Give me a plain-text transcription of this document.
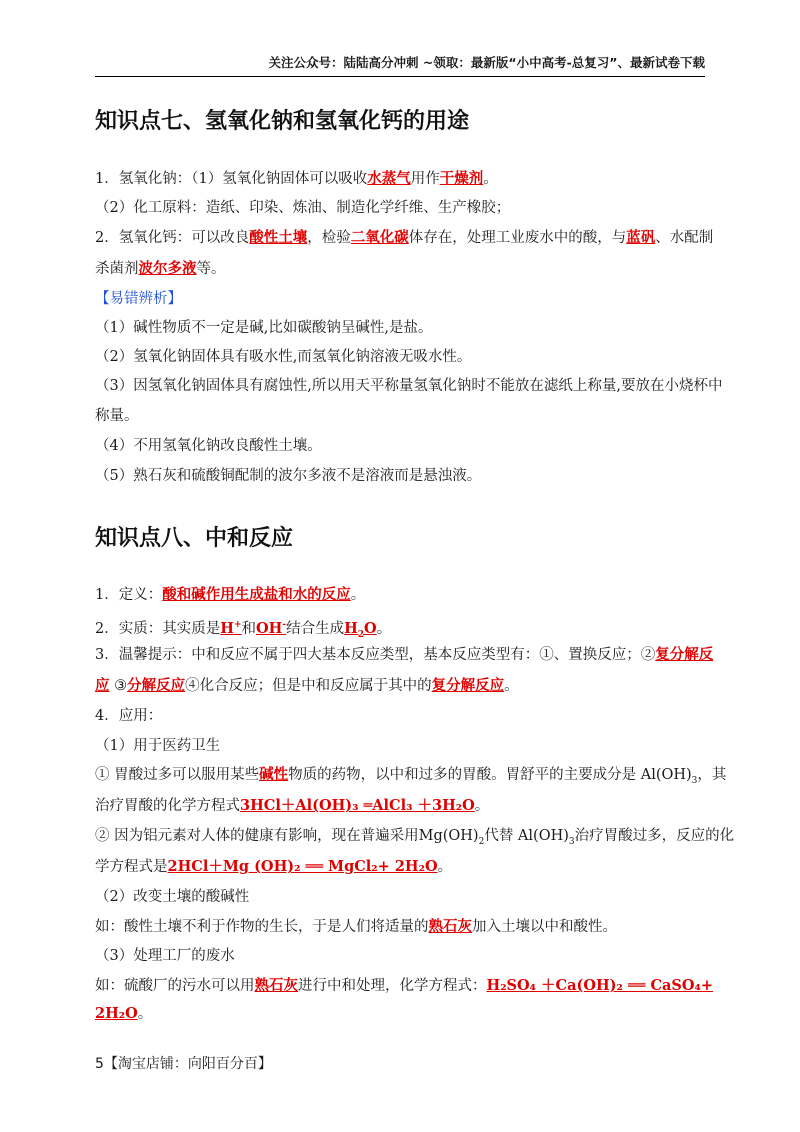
关注公众号：陆陆高分冲刺 ~领取：最新版“小中高考-总复习”、最新试卷下载
知识点七、氢氧化钠和氢氧化钙的用途
1．氢氧化钠：（1）氢氧化钠固体可以吸收水蒸气用作干燥剂。
（2）化工原料：造纸、印染、炼油、制造化学纤维、生产橡胶；
2．氢氧化钙：可以改良酸性土壤，检验二氧化碳体存在，处理工业废水中的酸，与蓝矾、水配制
杀菌剂波尔多液等。
【易错辨析】
（1）碱性物质不一定是碱,比如碳酸钠呈碱性,是盐。
（2）氢氧化钠固体具有吸水性,而氢氧化钠溶液无吸水性。
（3）因氢氧化钠固体具有腐蚀性,所以用天平称量氢氧化钠时不能放在滤纸上称量,要放在小烧杯中
称量。
（4）不用氢氧化钠改良酸性土壤。
（5）熟石灰和硫酸铜配制的波尔多液不是溶液而是悬浊液。
知识点八、中和反应
1．定义：酸和碱作用生成盐和水的反应。
2．实质：其实质是H+和OH-结合生成$H_2O$。
3．温馨提示：中和反应不属于四大基本反应类型，基本反应类型有：①、置换反应；②复分解反
应 ③分解反应④化合反应；但是中和反应属于其中的复分解反应。
4．应用：
（1）用于医药卫生
① 胃酸过多可以服用某些碱性物质的药物，以中和过多的胃酸。胃舒平的主要成分是 $Al(OH)_3$，其
治疗胃酸的化学方程式3HCl＋Al(OH)₃ ═AlCl₃ ＋3H₂O。
② 因为铝元素对人体的健康有影响，现在普遍采用$Mg(OH)_2$代替 $Al(OH)_3$治疗胃酸过多，反应的化
学方程式是2HCl＋Mg (OH)₂ ══ MgCl₂+ 2H₂O。
（2）改变土壤的酸碱性
如：酸性土壤不利于作物的生长，于是人们将适量的熟石灰加入土壤以中和酸性。
（3）处理工厂的废水
如：硫酸厂的污水可以用熟石灰进行中和处理，化学方程式：H₂SO₄ ＋Ca(OH)₂ ══ CaSO₄+
2H₂O。
5【淘宝店铺：向阳百分百】
